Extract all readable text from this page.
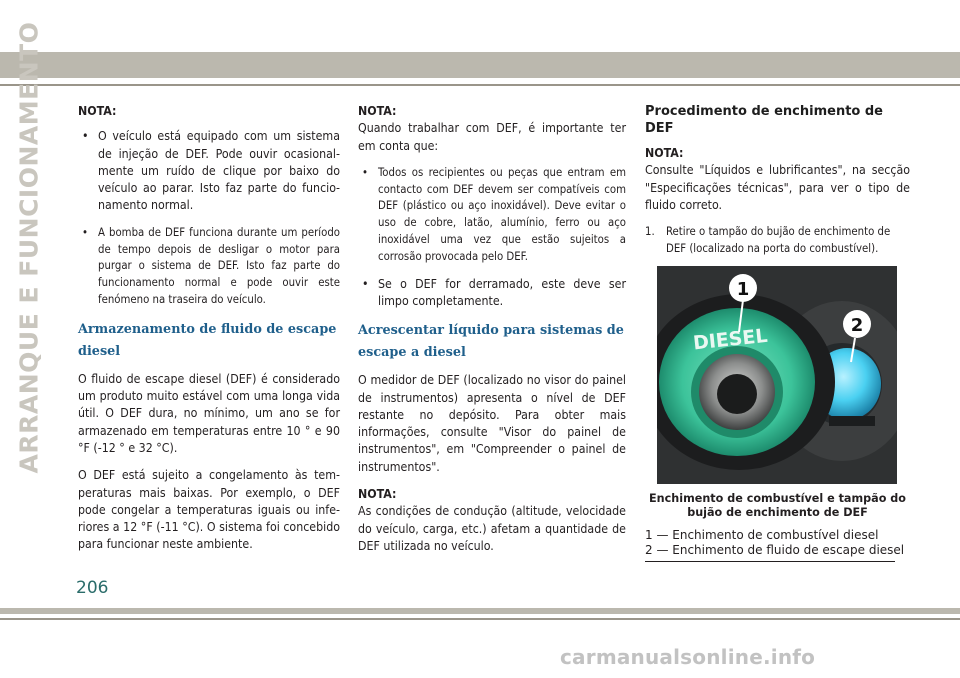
ARRANQUE E FUNCIONAMENTO	NOTA:
• O veículo está equipado com um sistema de injeção de DEF. Pode ouvir ocasionalmente um ruído de clique por baixo do veículo ao parar. Isto faz parte do funcionamento normal.
• A bomba de DEF funciona durante um período de tempo depois de desligar o motor para purgar o sistema de DEF. Isto faz parte do funcionamento normal e pode ouvir este fenómeno na traseira do veículo.
Armazenamento de fluido de escape diesel

O fluido de escape diesel (DEF) é considerado um produto muito estável com uma longa vida útil. O DEF dura, no mínimo, um ano se for armazenado em temperaturas entre 10 ° e 90 °F (-12 ° e 32 °C).

O DEF está sujeito a congelamento às temperaturas mais baixas. Por exemplo, o DEF pode congelar a temperaturas iguais ou inferiores a 12 °F (-11 °C). O sistema foi concebido para funcionar neste ambiente.

NOTA:

Quando trabalhar com DEF, é importante ter em conta que:

• Todos os recipientes ou peças que entram em contacto com DEF devem ser compatíveis com DEF (plástico ou aço inoxidável). Deve evitar o uso de cobre, latão, alumínio, ferro ou aço inoxidável uma vez que estão sujeitos a corrosão provocada pelo DEF.
• Se o DEF for derramado, este deve ser limpo completamente.
Acrescentar líquido para sistemas de escape a diesel

O medidor de DEF (localizado no visor do painel de instrumentos) apresenta o nível de DEF restante no depósito. Para obter mais informações, consulte "Visor do painel de instrumentos", em "Compreender o painel de instrumentos".

NOTA:

As condições de condução (altitude, velocidade do veículo, carga, etc.) afetam a quantidade de DEF utilizada no veículo.

Procedimento de enchimento de DEF
NOTA:

Consulte "Líquidos e lubrificantes", na secção "Especificações técnicas", para ver o tipo de fluido correto.

1. Retire o tampão do bujão de enchimento de DEF (localizado na porta do combustível).
DIESEL
1
2
Enchimento de combustível e tampão do bujão de enchimento de DEF

1 — Enchimento de combustível diesel

2 — Enchimento de fluido de escape diesel

206
carmanualsonline.info
